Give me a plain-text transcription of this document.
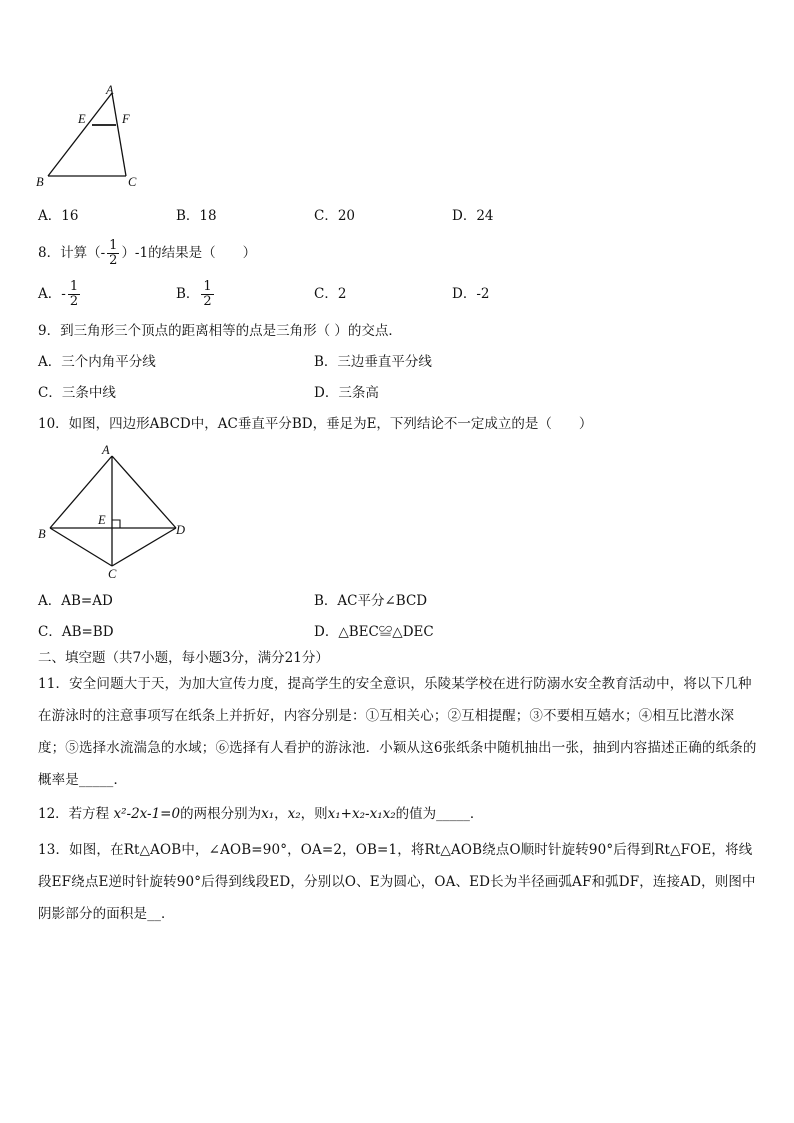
A
E	F
B	C
A．16	B．18	C．20	D．24
8．计算（- $\frac{1}{2} )-1$的结果是（　　）
A．- $\frac{1}{2}$	B． $\frac{1}{2}$	C．2	D．-2
9．到三角形三个顶点的距离相等的点是三角形（ ）的交点．
A．三个内角平分线	B．三边垂直平分线
C．三条中线	D．三条高
10．如图，四边形ABCD中，AC垂直平分BD，垂足为E，下列结论不一定成立的是（　　）
A
E
B	D
C
A．AB=AD	B．AC平分∠BCD
C．AB=BD	D．△BEC≌△DEC
二、填空题（共7小题，每小题3分，满分21分）
11．安全问题大于天，为加大宣传力度，提高学生的安全意识，乐陵某学校在进行防溺水安全教育活动中，将以下几种在游泳时的注意事项写在纸条上并折好，内容分别是：①互相关心；②互相提醒；③不要相互嬉水；④相互比潜水深度；⑤选择水流湍急的水域；⑥选择有人看护的游泳池．小颖从这6张纸条中随机抽出一张，抽到内容描述正确的纸条的概率是_____．
12．若方程 x²-2x-1=0的两根分别为x₁，x₂，则x₁+x₂-x₁x₂的值为_____．
13．如图，在Rt△AOB中，∠AOB=90°，OA=2，OB=1，将Rt△AOB绕点O顺时针旋转90°后得到Rt△FOE，将线段EF绕点E逆时针旋转90°后得到线段ED，分别以O、E为圆心，OA、ED长为半径画弧AF和弧DF，连接AD，则图中阴影部分的面积是__．
